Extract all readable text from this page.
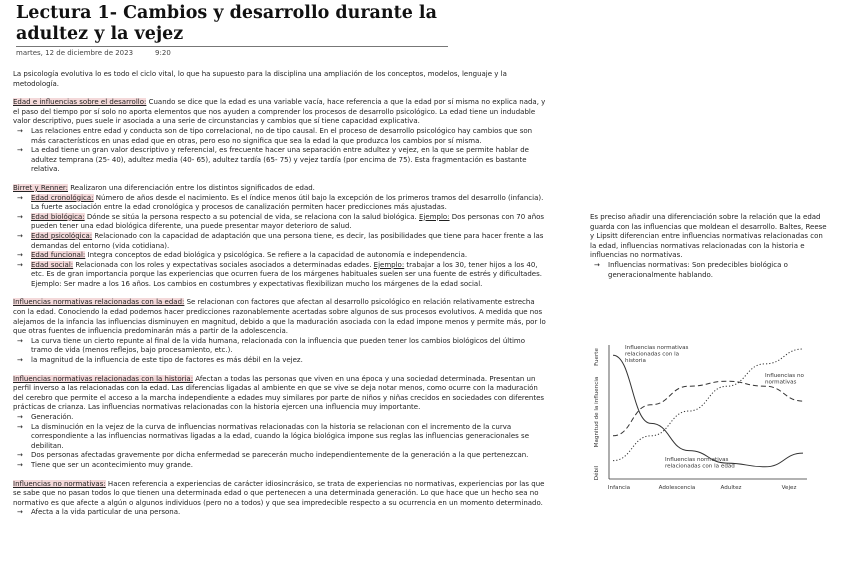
Lectura 1- Cambios y desarrollo durante la adultez y la vejez
martes, 12 de diciembre de 2023	9:20

La psicología evolutiva lo es todo el ciclo vital, lo que ha supuesto para la disciplina una ampliación de los conceptos, modelos, lenguaje y la metodología.

Edad e influencias sobre el desarrollo: Cuando se dice que la edad es una variable vacía, hace referencia a que la edad por sí misma no explica nada, y el paso del tiempo por sí solo no aporta elementos que nos ayuden a comprender los procesos de desarrollo psicológico. La edad tiene un indudable valor descriptivo, pues suele ir asociada a una serie de circunstancias y cambios que sí tiene capacidad explicativa.

→ Las relaciones entre edad y conducta son de tipo correlacional, no de tipo causal. En el proceso de desarrollo psicológico hay cambios que son más característicos en unas edad que en otras, pero eso no significa que sea la edad la que produzca los cambios por sí misma.

→ La edad tiene un gran valor descriptivo y referencial, es frecuente hacer una separación entre adultez y vejez, en la que se permite hablar de adultez temprana (25- 40), adultez media (40- 65), adultez tardía (65- 75) y vejez tardía (por encima de 75). Esta fragmentación es bastante relativa.

Birret y Renner: Realizaron una diferenciación entre los distintos significados de edad.

→ Edad cronológica: Número de años desde el nacimiento. Es el índice menos útil bajo la excepción de los primeros tramos del desarrollo (infancia). La fuerte asociación entre la edad cronológica y procesos de canalización permiten hacer predicciones más ajustadas.

→ Edad biológica: Dónde se sitúa la persona respecto a su potencial de vida, se relaciona con la salud biológica. Ejemplo: Dos personas con 70 años pueden tener una edad biológica diferente, una puede presentar mayor deterioro de salud.

→ Edad psicológica: Relacionado con la capacidad de adaptación que una persona tiene, es decir, las posibilidades que tiene para hacer frente a las demandas del entorno (vida cotidiana).

→ Edad funcional: Integra conceptos de edad biológica y psicológica. Se refiere a la capacidad de autonomía e independencia.

→ Edad social: Relacionada con los roles y expectativas sociales asociados a determinadas edades. Ejemplo: trabajar a los 30, tener hijos a los 40, etc. Es de gran importancia porque las experiencias que ocurren fuera de los márgenes habituales suelen ser una fuente de estrés y dificultades. Ejemplo: Ser madre a los 16 años. Los cambios en costumbres y expectativas flexibilizan mucho los márgenes de la edad social.

Influencias normativas relacionadas con la edad: Se relacionan con factores que afectan al desarrollo psicológico en relación relativamente estrecha con la edad. Conociendo la edad podemos hacer predicciones razonablemente acertadas sobre algunos de sus procesos evolutivos. A medida que nos alejamos de la infancia las influencias disminuyen en magnitud, debido a que la maduración asociada con la edad impone menos y permite más, por lo que otras fuentes de influencia predominarán más a partir de la adolescencia.

→ La curva tiene un cierto repunte al final de la vida humana, relacionada con la influencia que pueden tener los cambios biológicos del último tramo de vida (menos reflejos, bajo procesamiento, etc.).

→ la magnitud de la influencia de este tipo de factores es más débil en la vejez.

Influencias normativas relacionadas con la historia: Afectan a todas las personas que viven en una época y una sociedad determinada. Presentan un perfil inverso a las relacionadas con la edad. Las diferencias ligadas al ambiente en que se vive se deja notar menos, como ocurre con la maduración del cerebro que permite el acceso a la marcha independiente a edades muy similares por parte de niños y niñas crecidos en sociedades con diferentes prácticas de crianza. Las influencias normativas relacionadas con la historia ejercen una influencia muy importante.

→ Generación.

→ La disminución en la vejez de la curva de influencias normativas relacionadas con la historia se relacionan con el incremento de la curva correspondiente a las influencias normativas ligadas a la edad, cuando la lógica biológica impone sus reglas las influencias generacionales se debilitan.

→ Dos personas afectadas gravemente por dicha enfermedad se parecerán mucho independientemente de la generación a la que pertenezcan.

→ Tiene que ser un acontecimiento muy grande.

Influencias no normativas: Hacen referencia a experiencias de carácter idiosincrásico, se trata de experiencias no normativas, experiencias por las que se sabe que no pasan todos lo que tienen una determinada edad o que pertenecen a una determinada generación. Lo que hace que un hecho sea no normativo es que afecte a algún o algunos individuos (pero no a todos) y que sea impredecible respecto a su ocurrencia en un momento determinado.

→ Afecta a la vida particular de una persona.

Es preciso añadir una diferenciación sobre la relación que la edad guarda con las influencias que moldean el desarrollo. Baltes, Reese y Lipsitt diferencian entre influencias normativas relacionadas con la edad, influencias normativas relacionadas con la historia e influencias no normativas.

→ Influencias normativas: Son predecibles biológica o generacionalmente hablando.

Magnitud de la influencia
Fuerte
Débil
Infancia	Adolescencia	Adultez	Vejez
Influencias normativas relacionadas con la historia
Influencias no normativas
Influencias normativas relacionadas con la edad
